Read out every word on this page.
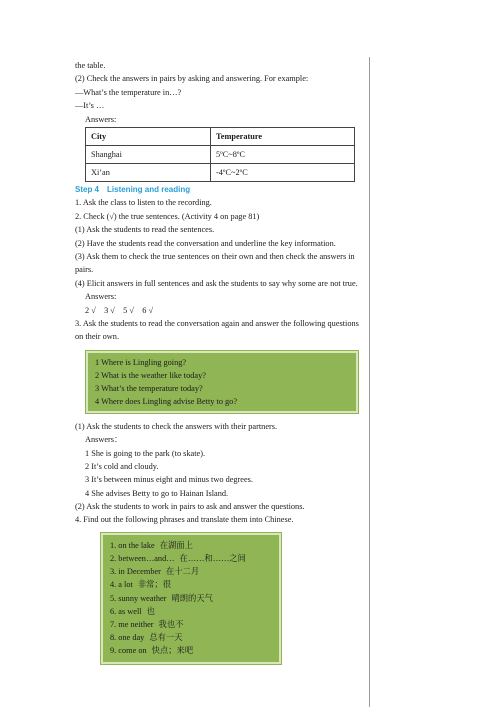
the table.
(2) Check the answers in pairs by asking and answering. For example:
—What’s the temperature in…?
—It’s …
Answers:
City	Temperature
Shanghai	5ºC~8ºC
Xi’an	-4ºC~2ºC
Step 4　Listening and reading
1. Ask the class to listen to the recording.
2. Check (√) the true sentences. (Activity 4 on page 81)
(1) Ask the students to read the sentences.
(2) Have the students read the conversation and underline the key information.
(3) Ask them to check the true sentences on their own and then check the answers in pairs.
(4) Elicit answers in full sentences and ask the students to say why some are not true.
Answers:
2 √　3 √　5 √　6 √
3. Ask the students to read the conversation again and answer the following questions on their own.
1 Where is Lingling going?
2 What is the weather like today?
3 What’s the temperature today?
4 Where does Lingling advise Betty to go?
(1) Ask the students to check the answers with their partners.
Answers：
1 She is going to the park (to skate).
2 It’s cold and cloudy.
3 It’s between minus eight and minus two degrees.
4 She advises Betty to go to Hainan Island.
(2) Ask the students to work in pairs to ask and answer the questions.
4. Find out the following phrases and translate them into Chinese.
1. on the lake 在湖面上
2. between…and… 在……和……之间
3. in December 在十二月
4. a lot 非常；很
5. sunny weather 晴朗的天气
6. as well 也
7. me neither 我也不
8. one day 总有一天
9. come on 快点；来吧
